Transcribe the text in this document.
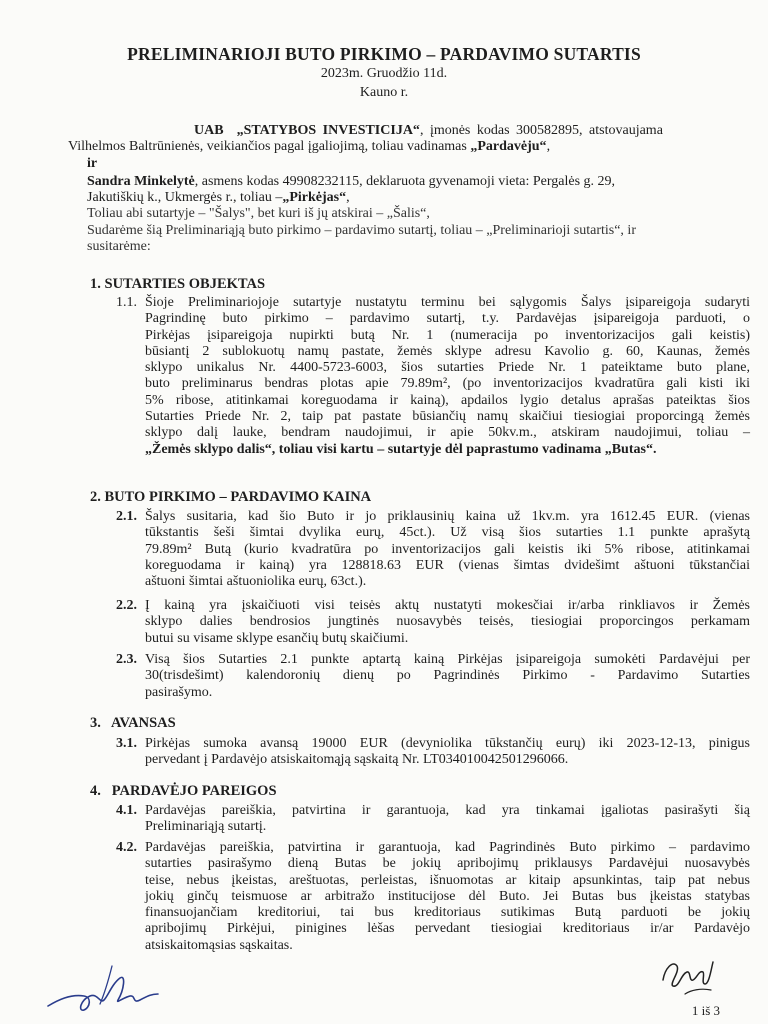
PRELIMINARIOJI BUTO PIRKIMO – PARDAVIMO SUTARTIS
2023m. Gruodžio 11d.
Kauno r.
UAB „STATYBOS INVESTICIJA“, įmonės kodas 300582895, atstovaujama
Vilhelmos Baltrūnienės, veikiančios pagal įgaliojimą, toliau vadinamas „Pardavėju“,
ir
Sandra Minkelytė, asmens kodas 49908232115, deklaruota gyvenamoji vieta: Pergalės g. 29,
Jakutiškių k., Ukmergės r., toliau –„Pirkėjas“,
Toliau abi sutartyje – "Šalys", bet kuri iš jų atskirai – „Šalis“,
Sudarėme šią Preliminariąją buto pirkimo – pardavimo sutartį, toliau – „Preliminarioji sutartis“, ir
susitarėme:
1. SUTARTIES OBJEKTAS
1.1. Šioje Preliminariojoje sutartyje nustatytu terminu bei sąlygomis Šalys įsipareigoja sudaryti
Pagrindinę buto pirkimo – pardavimo sutartį, t.y. Pardavėjas įsipareigoja parduoti, o
Pirkėjas įsipareigoja nupirkti butą Nr. 1 (numeracija po inventorizacijos gali keistis)
būsiantį 2 sublokuotų namų pastate, žemės sklype adresu Kavolio g. 60, Kaunas, žemės
sklypo unikalus Nr. 4400-5723-6003, šios sutarties Priede Nr. 1 pateiktame buto plane,
buto preliminarus bendras plotas apie 79.89m², (po inventorizacijos kvadratūra gali kisti iki
5% ribose, atitinkamai koreguodama ir kainą), apdailos lygio detalus aprašas pateiktas šios
Sutarties Priede Nr. 2, taip pat pastate būsiančių namų skaičiui tiesiogiai proporcingą žemės
sklypo dalį lauke, bendram naudojimui, ir apie 50kv.m., atskiram naudojimui, toliau –
„Žemės sklypo dalis“, toliau visi kartu – sutartyje dėl paprastumo vadinama „Butas“.
2. BUTO PIRKIMO – PARDAVIMO KAINA
2.1. Šalys susitaria, kad šio Buto ir jo priklausinių kaina už 1kv.m. yra 1612.45 EUR. (vienas
tūkstantis šeši šimtai dvylika eurų, 45ct.). Už visą šios sutarties 1.1 punkte aprašytą
79.89m² Butą (kurio kvadratūra po inventorizacijos gali keistis iki 5% ribose, atitinkamai
koreguodama ir kainą) yra 128818.63 EUR (vienas šimtas dvidešimt aštuoni tūkstančiai
aštuoni šimtai aštuoniolika eurų, 63ct.).
2.2. Į kainą yra įskaičiuoti visi teisės aktų nustatyti mokesčiai ir/arba rinkliavos ir Žemės
sklypo dalies bendrosios jungtinės nuosavybės teisės, tiesiogiai proporcingos perkamam
butui su visame sklype esančių butų skaičiumi.
2.3. Visą šios Sutarties 2.1 punkte aptartą kainą Pirkėjas įsipareigoja sumokėti Pardavėjui per
30(trisdešimt) kalendoronių dienų po Pagrindinės Pirkimo - Pardavimo Sutarties
pasirašymo.
3.   AVANSAS
3.1. Pirkėjas sumoka avansą 19000 EUR (devyniolika tūkstančių eurų) iki 2023-12-13, pinigus
pervedant į Pardavėjo atsiskaitomąją sąskaitą Nr. LT034010042501296066.
4.   PARDAVĖJO PAREIGOS
4.1. Pardavėjas pareiškia, patvirtina ir garantuoja, kad yra tinkamai įgaliotas pasirašyti šią
Preliminariąją sutartį.
4.2. Pardavėjas pareiškia, patvirtina ir garantuoja, kad Pagrindinės Buto pirkimo – pardavimo
sutarties pasirašymo dieną Butas be jokių apribojimų priklausys Pardavėjui nuosavybės
teise, nebus įkeistas, areštuotas, perleistas, išnuomotas ar kitaip apsunkintas, taip pat nebus
jokių ginčų teismuose ar arbitražo institucijose dėl Buto. Jei Butas bus įkeistas statybas
finansuojančiam kreditoriui, tai bus kreditoriaus sutikimas Butą parduoti be jokių
apribojimų Pirkėjui, pinigines lėšas pervedant tiesiogiai kreditoriaus ir/ar Pardavėjo
atsiskaitomąsias sąskaitas.
1 iš 3
